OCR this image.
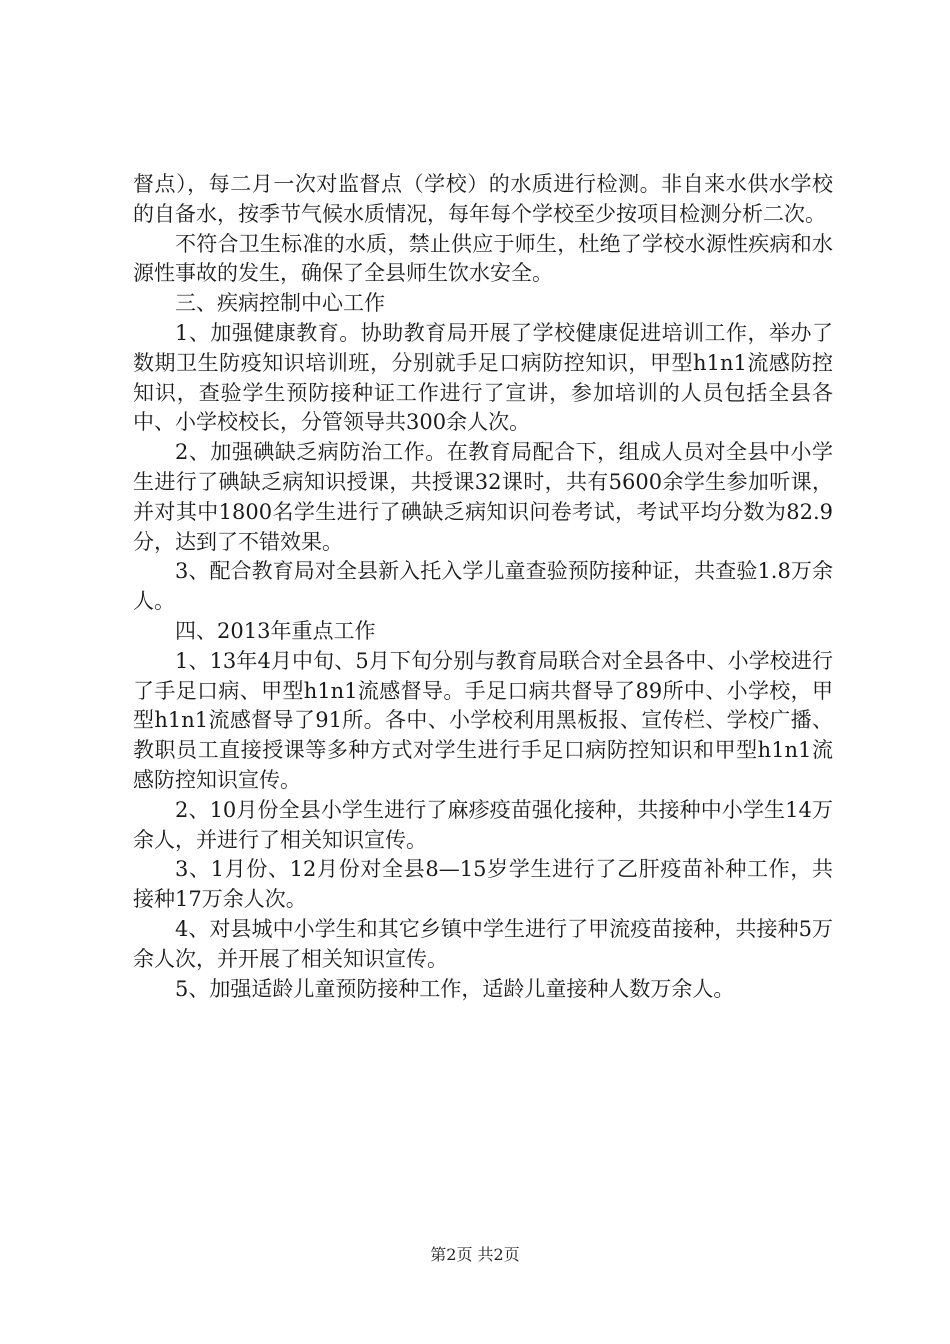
督点），每二月一次对监督点（学校）的水质进行检测。非自来水供水学校的自备水，按季节气候水质情况，每年每个学校至少按项目检测分析二次。

不符合卫生标准的水质，禁止供应于师生，杜绝了学校水源性疾病和水源性事故的发生，确保了全县师生饮水安全。

三、疾病控制中心工作

1、加强健康教育。协助教育局开展了学校健康促进培训工作，举办了数期卫生防疫知识培训班，分别就手足口病防控知识，甲型h1n1流感防控知识，查验学生预防接种证工作进行了宣讲，参加培训的人员包括全县各中、小学校校长，分管领导共300余人次。

2、加强碘缺乏病防治工作。在教育局配合下，组成人员对全县中小学生进行了碘缺乏病知识授课，共授课32课时，共有5600余学生参加听课，并对其中1800名学生进行了碘缺乏病知识问卷考试，考试平均分数为82.9分，达到了不错效果。

3、配合教育局对全县新入托入学儿童查验预防接种证，共查验1.8万余人。

四、2013年重点工作

1、13年4月中旬、5月下旬分别与教育局联合对全县各中、小学校进行了手足口病、甲型h1n1流感督导。手足口病共督导了89所中、小学校，甲型h1n1流感督导了91所。各中、小学校利用黑板报、宣传栏、学校广播、教职员工直接授课等多种方式对学生进行手足口病防控知识和甲型h1n1流感防控知识宣传。

2、10月份全县小学生进行了麻疹疫苗强化接种，共接种中小学生14万余人，并进行了相关知识宣传。

3、1月份、12月份对全县8—15岁学生进行了乙肝疫苗补种工作，共接种17万余人次。

4、对县城中小学生和其它乡镇中学生进行了甲流疫苗接种，共接种5万余人次，并开展了相关知识宣传。

5、加强适龄儿童预防接种工作，适龄儿童接种人数万余人。

第2页 共2页
